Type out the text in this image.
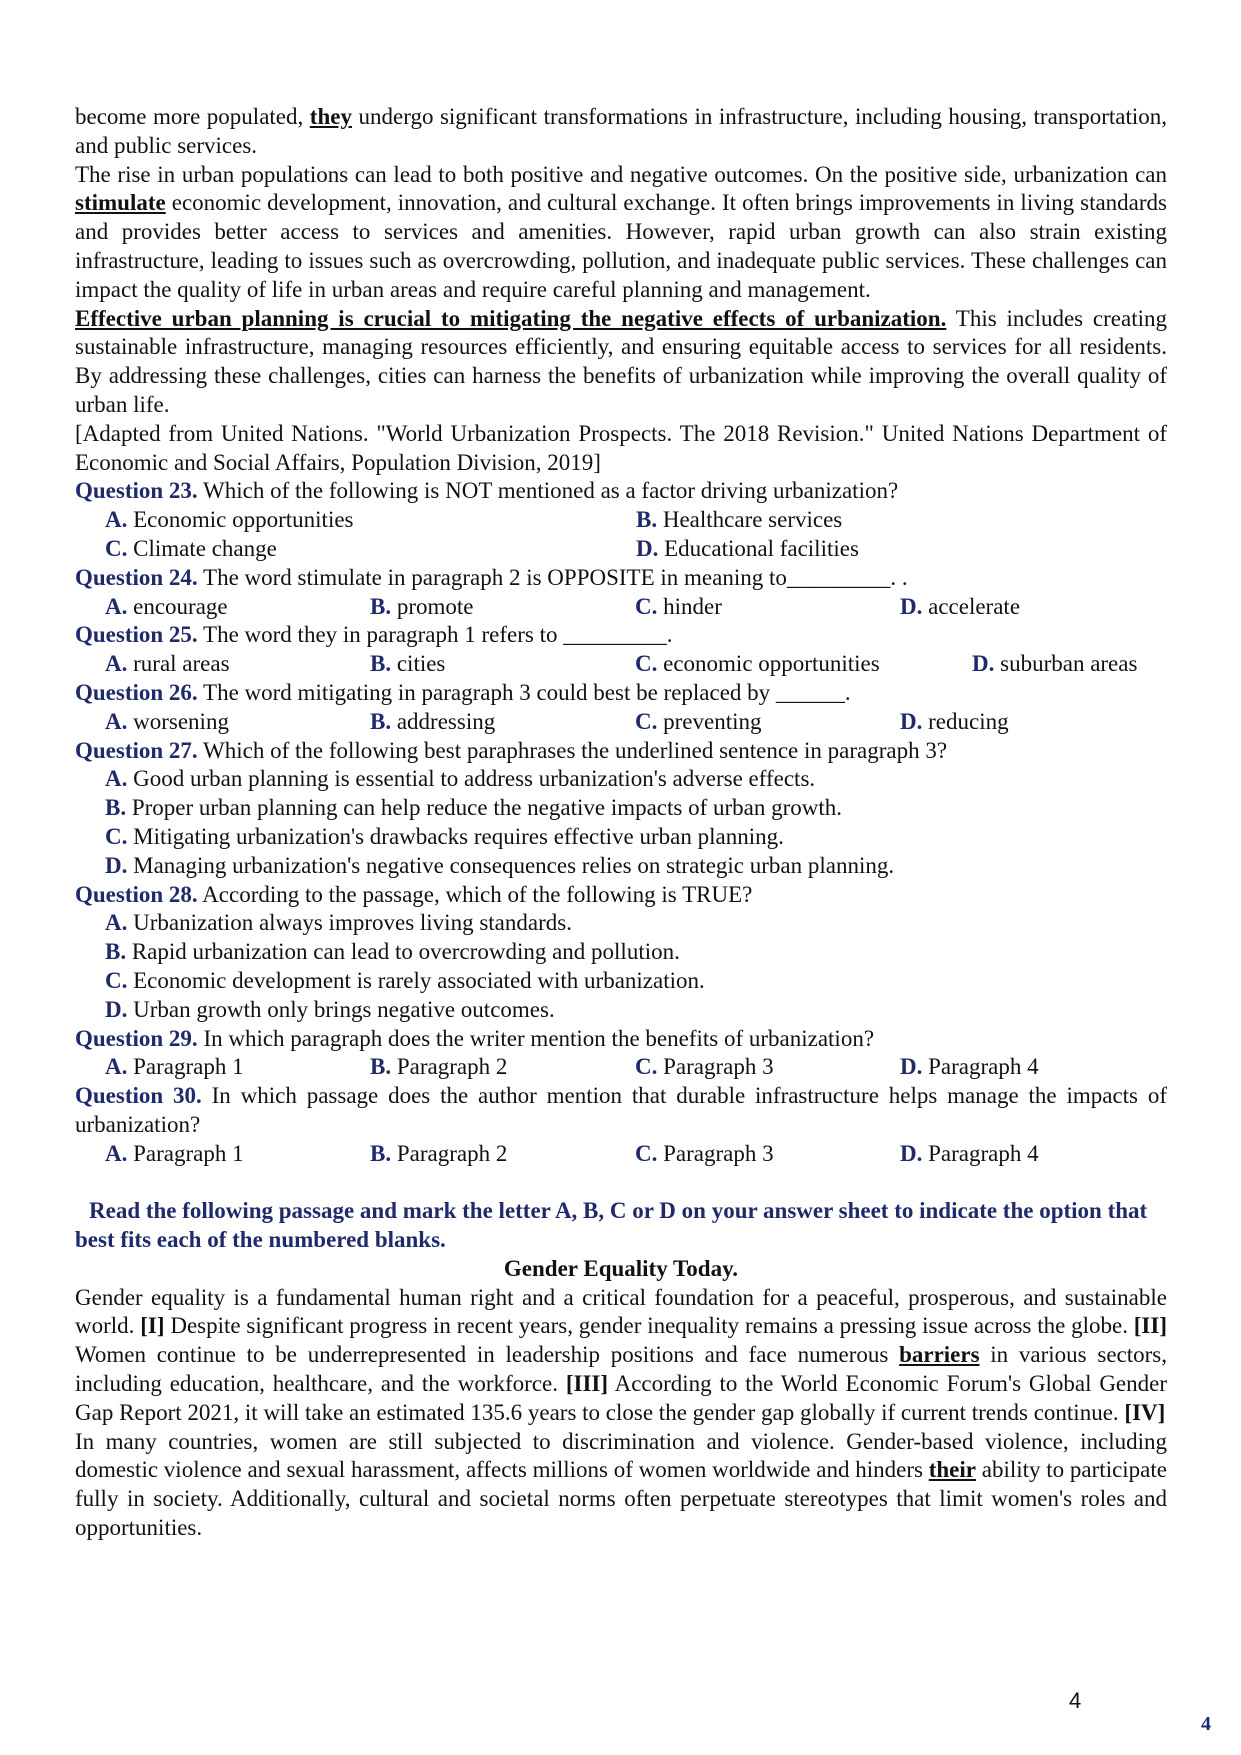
become more populated, they undergo significant transformations in infrastructure, including housing, transportation, and public services.

The rise in urban populations can lead to both positive and negative outcomes. On the positive side, urbanization can stimulate economic development, innovation, and cultural exchange. It often brings improvements in living standards and provides better access to services and amenities. However, rapid urban growth can also strain existing infrastructure, leading to issues such as overcrowding, pollution, and inadequate public services. These challenges can impact the quality of life in urban areas and require careful planning and management.

Effective urban planning is crucial to mitigating the negative effects of urbanization. This includes creating sustainable infrastructure, managing resources efficiently, and ensuring equitable access to services for all residents. By addressing these challenges, cities can harness the benefits of urbanization while improving the overall quality of urban life.

[Adapted from United Nations. "World Urbanization Prospects. The 2018 Revision." United Nations Department of Economic and Social Affairs, Population Division, 2019]

Question 23. Which of the following is NOT mentioned as a factor driving urbanization?

A. Economic opportunities	B. Healthcare services
C. Climate change	D. Educational facilities

Question 24. The word stimulate in paragraph 2 is OPPOSITE in meaning to_________. .

A. encourage	B. promote	C. hinder	D. accelerate

Question 25. The word they in paragraph 1 refers to _________.

A. rural areas	B. cities	C. economic opportunities	D. suburban areas

Question 26. The word mitigating in paragraph 3 could best be replaced by ______.

A. worsening	B. addressing	C. preventing	D. reducing

Question 27. Which of the following best paraphrases the underlined sentence in paragraph 3?

A. Good urban planning is essential to address urbanization's adverse effects.
B. Proper urban planning can help reduce the negative impacts of urban growth.
C. Mitigating urbanization's drawbacks requires effective urban planning.
D. Managing urbanization's negative consequences relies on strategic urban planning.

Question 28. According to the passage, which of the following is TRUE?

A. Urbanization always improves living standards.
B. Rapid urbanization can lead to overcrowding and pollution.
C. Economic development is rarely associated with urbanization.
D. Urban growth only brings negative outcomes.

Question 29. In which paragraph does the writer mention the benefits of urbanization?

A. Paragraph 1	B. Paragraph 2	C. Paragraph 3	D. Paragraph 4

Question 30. In which passage does the author mention that durable infrastructure helps manage the impacts of urbanization?

A. Paragraph 1	B. Paragraph 2	C. Paragraph 3	D. Paragraph 4

Read the following passage and mark the letter A, B, C or D on your answer sheet to indicate the option that best fits each of the numbered blanks.

Gender Equality Today.

Gender equality is a fundamental human right and a critical foundation for a peaceful, prosperous, and sustainable world. [I] Despite significant progress in recent years, gender inequality remains a pressing issue across the globe. [II] Women continue to be underrepresented in leadership positions and face numerous barriers in various sectors, including education, healthcare, and the workforce. [III] According to the World Economic Forum's Global Gender Gap Report 2021, it will take an estimated 135.6 years to close the gender gap globally if current trends continue. [IV]

In many countries, women are still subjected to discrimination and violence. Gender-based violence, including domestic violence and sexual harassment, affects millions of women worldwide and hinders their ability to participate fully in society. Additionally, cultural and societal norms often perpetuate stereotypes that limit women's roles and opportunities.

4
4
